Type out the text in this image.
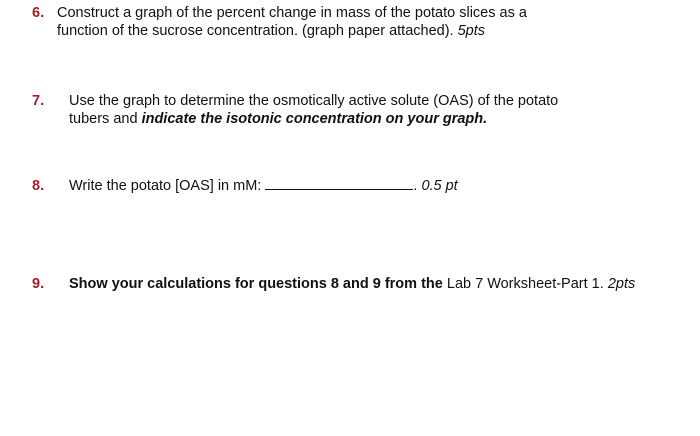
6. Construct a graph of the percent change in mass of the potato slices as a
function of the sucrose concentration. (graph paper attached). 5pts
7. Use the graph to determine the osmotically active solute (OAS) of the potato
tubers and indicate the isotonic concentration on your graph.
8. Write the potato [OAS] in mM:	. 0.5 pt
9. Show your calculations for questions 8 and 9 from the Lab 7 Worksheet-Part 1. 2pts
